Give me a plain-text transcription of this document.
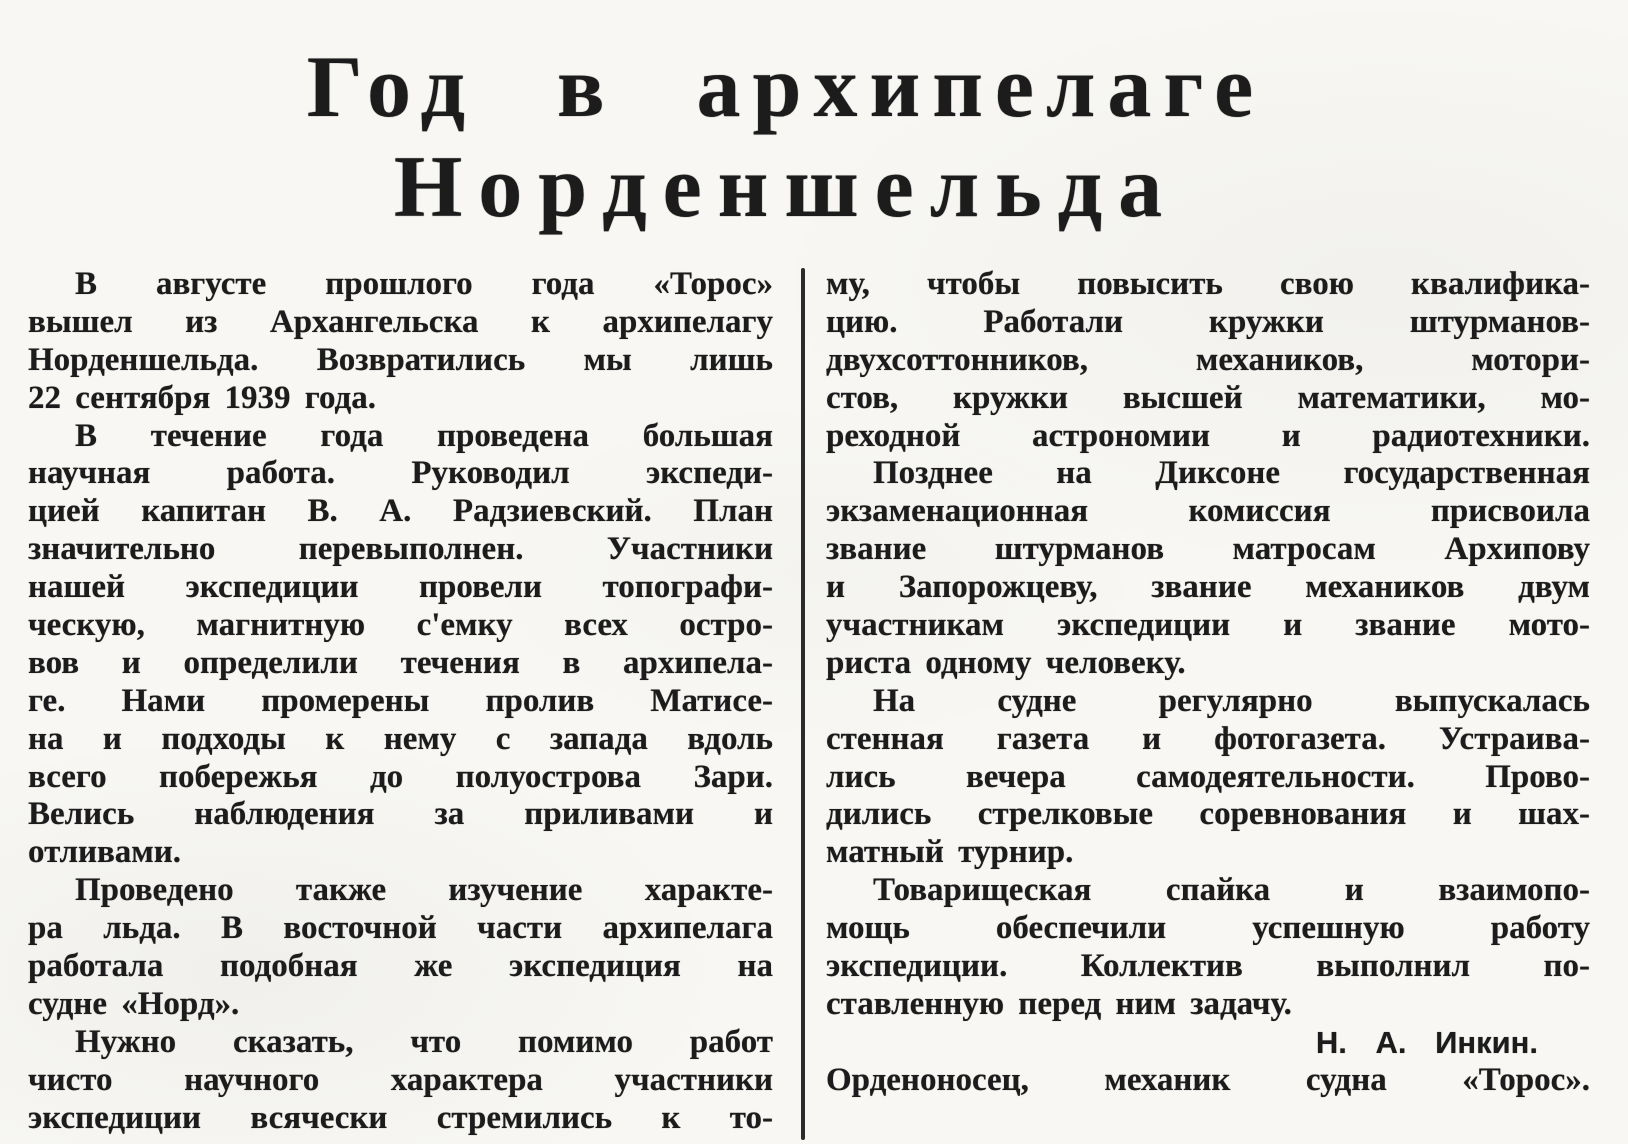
Год в архипелаге
Норденшельда
В августе прошлого года «Торос»
вышел из Архангельска к архипелагу
Норденшельда. Возвратились мы лишь
22 сентября 1939 года.
В течение года проведена большая
научная работа. Руководил экспеди-
цией капитан В. А. Радзиевский. План
значительно перевыполнен. Участники
нашей экспедиции провели топографи-
ческую, магнитную с'емку всех остро-
вов и определили течения в архипела-
ге. Нами промерены пролив Матисе-
на и подходы к нему с запада вдоль
всего побережья до полуострова Зари.
Велись наблюдения за приливами и
отливами.
Проведено также изучение характе-
ра льда. В восточной части архипелага
работала подобная же экспедиция на
судне «Норд».
Нужно сказать, что помимо работ
чисто научного характера участники
экспедиции всячески стремились к то-
му, чтобы повысить свою квалифика-
цию. Работали кружки штурманов-
двухсоттонников, механиков, мотори-
стов, кружки высшей математики, мо-
реходной астрономии и радиотехники.
Позднее на Диксоне государственная
экзаменационная комиссия присвоила
звание штурманов матросам Архипову
и Запорожцеву, звание механиков двум
участникам экспедиции и звание мото-
риста одному человеку.
На судне регулярно выпускалась
стенная газета и фотогазета. Устраива-
лись вечера самодеятельности. Прово-
дились стрелковые соревнования и шах-
матный турнир.
Товарищеская спайка и взаимопо-
мощь обеспечили успешную работу
экспедиции. Коллектив выполнил по-
ставленную перед ним задачу.
Н. А. Инкин.
Орденоносец, механик судна «Торос».
